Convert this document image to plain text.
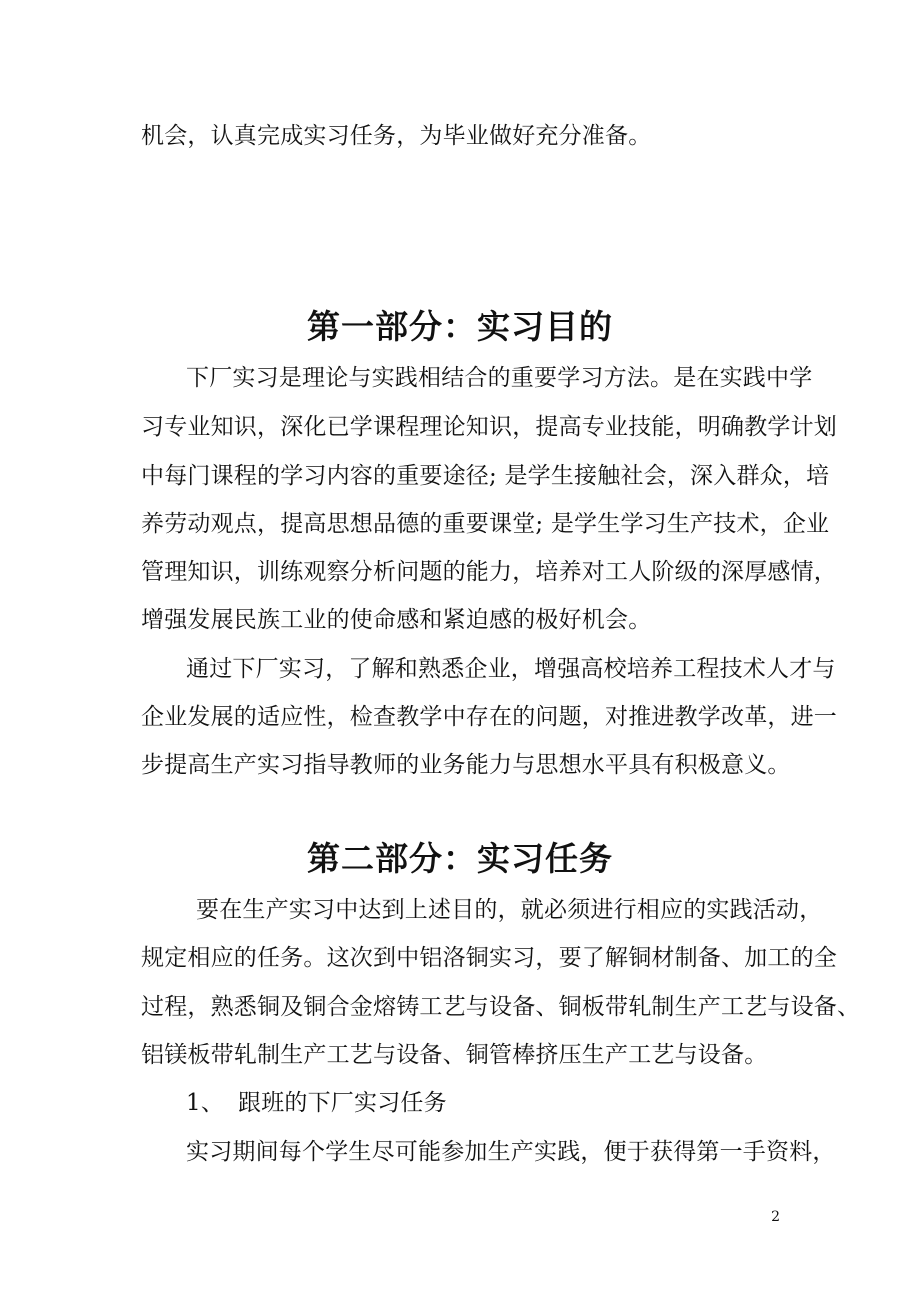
机会，认真完成实习任务，为毕业做好充分准备。
第一部分：实习目的
下厂实习是理论与实践相结合的重要学习方法。是在实践中学
习专业知识，深化已学课程理论知识，提高专业技能，明确教学计划
中每门课程的学习内容的重要途径; 是学生接触社会，深入群众，培
养劳动观点，提高思想品德的重要课堂; 是学生学习生产技术，企业
管理知识，训练观察分析问题的能力，培养对工人阶级的深厚感情，
增强发展民族工业的使命感和紧迫感的极好机会。
通过下厂实习，了解和熟悉企业，增强高校培养工程技术人才与
企业发展的适应性，检查教学中存在的问题，对推进教学改革，进一
步提高生产实习指导教师的业务能力与思想水平具有积极意义。
第二部分：实习任务
要在生产实习中达到上述目的，就必须进行相应的实践活动，
规定相应的任务。这次到中铝洛铜实习，要了解铜材制备、加工的全
过程，熟悉铜及铜合金熔铸工艺与设备、铜板带轧制生产工艺与设备、
铝镁板带轧制生产工艺与设备、铜管棒挤压生产工艺与设备。
1、 跟班的下厂实习任务
实习期间每个学生尽可能参加生产实践，便于获得第一手资料，
2
